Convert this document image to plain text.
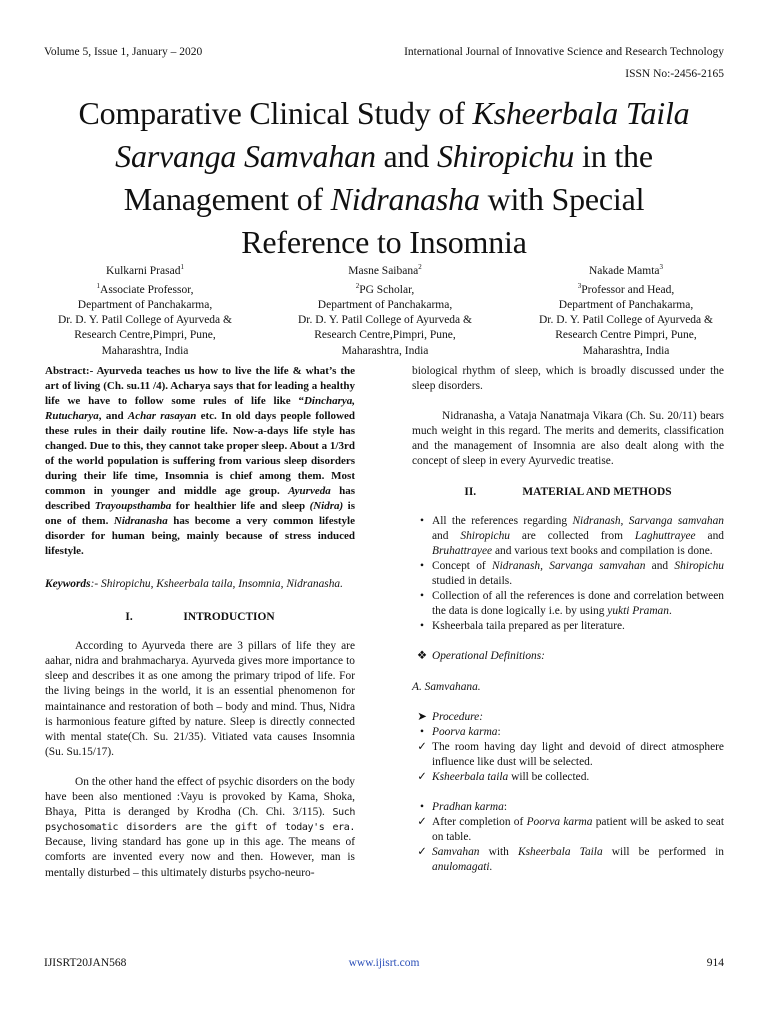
Volume 5, Issue 1, January – 2020	International Journal of Innovative Science and Research Technology
ISSN No:-2456-2165
Comparative Clinical Study of Ksheerbala Taila
Sarvanga Samvahan and Shiropichu in the
Management of Nidranasha with Special
Reference to Insomnia
Kulkarni Prasad$^1$
$^1$Associate Professor,
Department of Panchakarma,
Dr. D. Y. Patil College of Ayurveda &
Research Centre,Pimpri, Pune,
Maharashtra, India
Masne Saibana$^2$
$^2$PG Scholar,
Department of Panchakarma,
Dr. D. Y. Patil College of Ayurveda &
Research Centre,Pimpri, Pune,
Maharashtra, India
Nakade Mamta$^3$
$^3$Professor and Head,
Department of Panchakarma,
Dr. D. Y. Patil College of Ayurveda &
Research Centre Pimpri, Pune,
Maharashtra, India

Abstract:- Ayurveda teaches us how to live the life & what’s the art of living (Ch. su.11 /4). Acharya says that for leading a healthy life we have to follow some rules of life like “Dincharya, Rutucharya, and Achar rasayan etc. In old days people followed these rules in their daily routine life. Now-a-days life style has changed. Due to this, they cannot take proper sleep. About a 1/3rd of the world population is suffering from various sleep disorders during their life time, Insomnia is chief among them. Most common in younger and middle age group. Ayurveda has described Trayoupsthamba for healthier life and sleep (Nidra) is one of them. Nidranasha has become a very common lifestyle disorder for human being, mainly because of stress induced lifestyle.

Keywords:- Shiropichu, Ksheerbala taila, Insomnia, Nidranasha.

I.	INTRODUCTION

According to Ayurveda there are 3 pillars of life they are aahar, nidra and brahmacharya. Ayurveda gives more importance to sleep and describes it as one among the primary tripod of life. For the living beings in the world, it is an essential phenomenon for maintainance and restoration of both – body and mind. Thus, Nidra is harmonious feature gifted by nature. Sleep is directly connected with mental state(Ch. Su. 21/35). Vitiated vata causes Insomnia (Su. Su.15/17).

On the other hand the effect of psychic disorders on the body have been also mentioned :Vayu is provoked by Kama, Shoka, Bhaya, Pitta is deranged by Krodha (Ch. Chi. 3/115). Such psychosomatic disorders are the gift of today's era. Because, living standard has gone up in this age. The means of comforts are invented every now and then. However, man is mentally disturbed – this ultimately disturbs psycho-neuro-

biological rhythm of sleep, which is broadly discussed under the sleep disorders.

Nidranasha, a Vataja Nanatmaja Vikara (Ch. Su. 20/11) bears much weight in this regard. The merits and demerits, classification and the management of Insomnia are also dealt along with the concept of sleep in every Ayurvedic treatise.

II.	MATERIAL AND METHODS

• All the references regarding Nidranash, Sarvanga samvahan and Shiropichu are collected from Laghuttrayee and Bruhattrayee and various text books and compilation is done.
• Concept of Nidranash, Sarvanga samvahan and Shiropichu studied in details.
• Collection of all the references is done and correlation between the data is done logically i.e. by using yukti Praman.
• Ksheerbala taila prepared as per literature.
❖ Operational Definitions:

A. Samvahana.

➤ Procedure:
• Poorva karma:
✓ The room having day light and devoid of direct atmosphere influence like dust will be selected.
✓ Ksheerbala taila will be collected.
• Pradhan karma:
✓ After completion of Poorva karma patient will be asked to seat on table.
✓ Samvahan with Ksheerbala Taila will be performed in anulomagati.
IJISRT20JAN568	www.ijisrt.com	914
